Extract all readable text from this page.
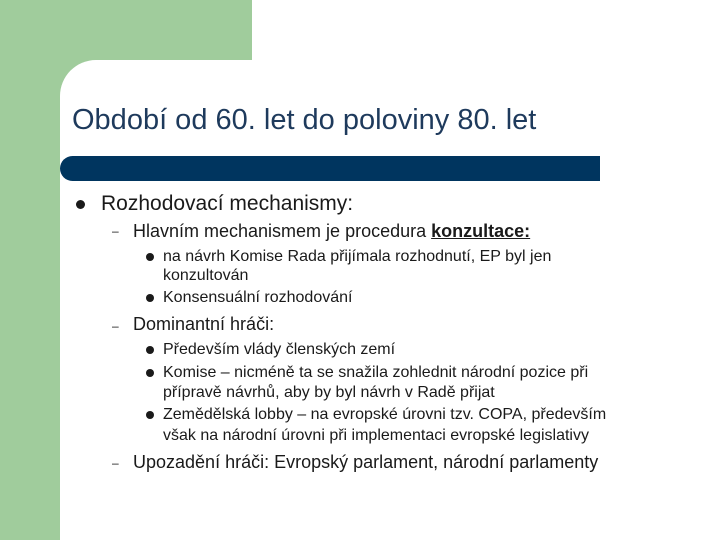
Období od 60. let do poloviny 80. let
Rozhodovací mechanismy:
– Hlavním mechanismem je procedura konzultace:
na návrh Komise Rada přijímala rozhodnutí, EP byl jen
konzultován
Konsensuální rozhodování
– Dominantní hráči:
Především vlády členských zemí
Komise – nicméně ta se snažila zohlednit národní pozice při
přípravě návrhů, aby by byl návrh v Radě přijat
Zemědělská lobby – na evropské úrovni tzv. COPA, především
však na národní úrovni při implementaci evropské legislativy
– Upozadění hráči: Evropský parlament, národní parlamenty
